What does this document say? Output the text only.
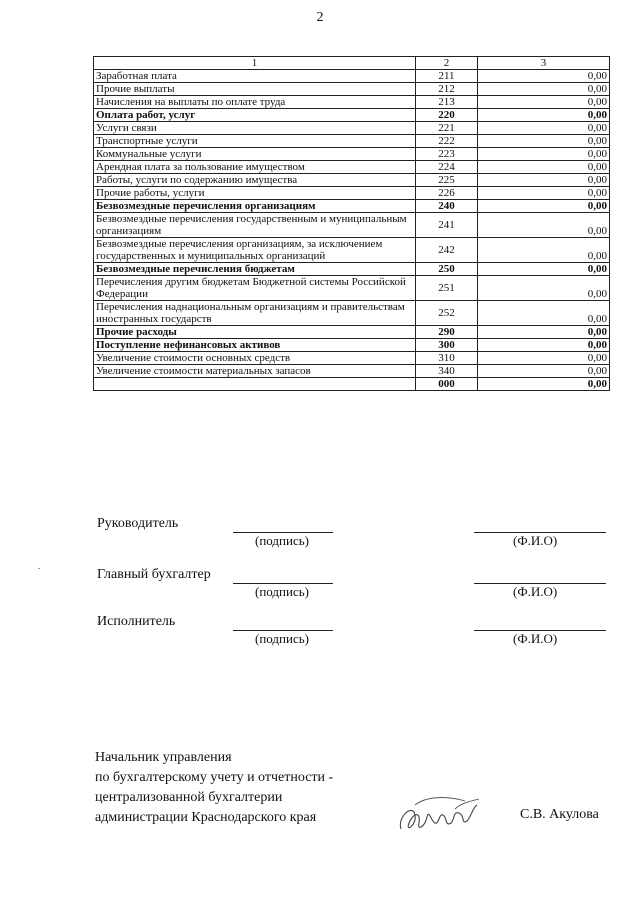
2
1	2	3
Заработная плата	211	0,00
Прочие выплаты	212	0,00
Начисления на выплаты по оплате труда	213	0,00
Оплата работ, услуг	220	0,00
Услуги связи	221	0,00
Транспортные услуги	222	0,00
Коммунальные услуги	223	0,00
Арендная плата за пользование имуществом	224	0,00
Работы, услуги по содержанию имущества	225	0,00
Прочие работы, услуги	226	0,00
Безвозмездные перечисления организациям	240	0,00
Безвозмездные перечисления государственным и муниципальным организациям	241	0,00
Безвозмездные перечисления организациям, за исключением государственных и муниципальных организаций	242	0,00
Безвозмездные перечисления бюджетам	250	0,00
Перечисления другим бюджетам Бюджетной системы Российской Федерации	251	0,00
Перечисления наднациональным организациям и правительствам иностранных государств	252	0,00
Прочие расходы	290	0,00
Поступление нефинансовых активов	300	0,00
Увеличение стоимости основных средств	310	0,00
Увеличение стоимости материальных запасов	340	0,00
	000	0,00
Руководитель
(подпись)	(Ф.И.О)
Главный бухгалтер
(подпись)	(Ф.И.О)
Исполнитель
(подпись)	(Ф.И.О)
Начальник управления
по бухгалтерскому учету и отчетности -
централизованной бухгалтерии
администрации Краснодарского края	С.В. Акулова
